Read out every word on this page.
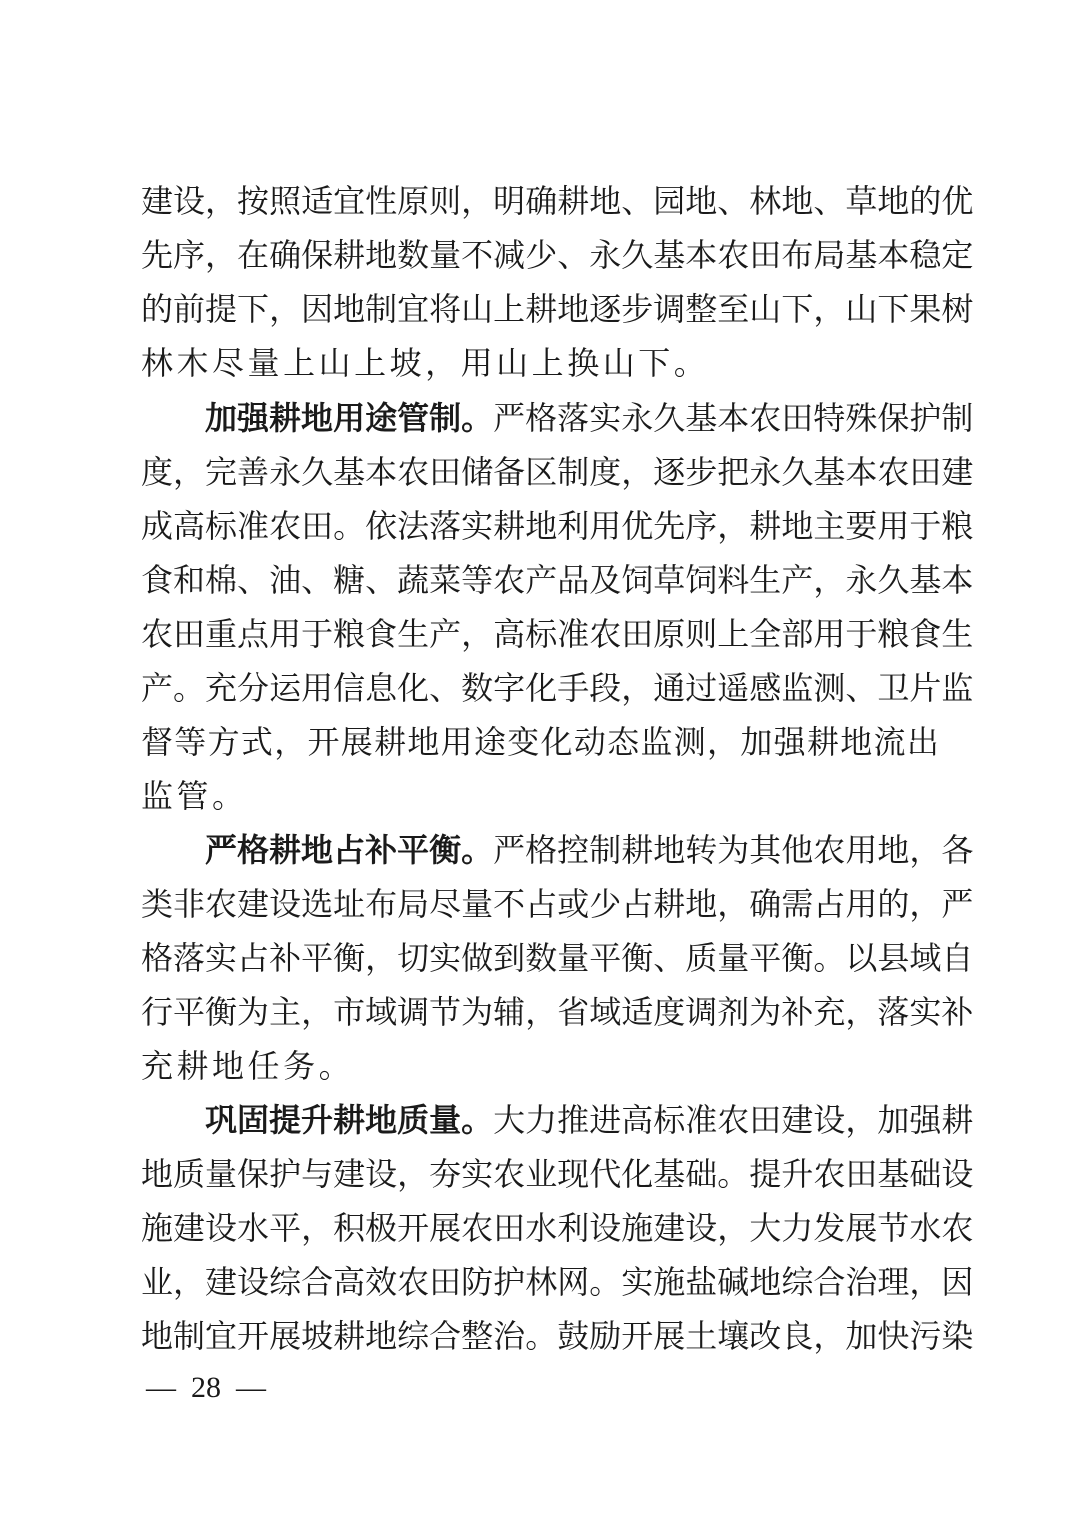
建 设 ， 按 照 适 宜 性 原 则 ， 明 确 耕 地 、 园 地 、 林 地 、 草 地 的 优
先 序 ， 在 确 保 耕 地 数 量 不 减 少 、 永 久 基 本 农 田 布 局 基 本 稳 定
的 前 提 下 ， 因 地 制 宜 将 山 上 耕 地 逐 步 调 整 至 山 下 ， 山 下 果 树
林 木 尽 量 上 山 上 坡 ， 用 山 上 换 山 下 。
加 强 耕 地 用 途 管 制 。 严 格 落 实 永 久 基 本 农 田 特 殊 保 护 制
度 ， 完 善 永 久 基 本 农 田 储 备 区 制 度 ， 逐 步 把 永 久 基 本 农 田 建
成 高 标 准 农 田 。 依 法 落 实 耕 地 利 用 优 先 序 ， 耕 地 主 要 用 于 粮
食 和 棉 、 油 、 糖 、 蔬 菜 等 农 产 品 及 饲 草 饲 料 生 产 ， 永 久 基 本
农 田 重 点 用 于 粮 食 生 产 ， 高 标 准 农 田 原 则 上 全 部 用 于 粮 食 生
产 。 充 分 运 用 信 息 化 、 数 字 化 手 段 ， 通 过 遥 感 监 测 、 卫 片 监
督 等 方 式 ， 开 展 耕 地 用 途 变 化 动 态 监 测 ， 加 强 耕 地 流 出
监 管 。
严 格 耕 地 占 补 平 衡 。 严 格 控 制 耕 地 转 为 其 他 农 用 地 ， 各
类 非 农 建 设 选 址 布 局 尽 量 不 占 或 少 占 耕 地 ， 确 需 占 用 的 ， 严
格 落 实 占 补 平 衡 ， 切 实 做 到 数 量 平 衡 、 质 量 平 衡 。 以 县 域 自
行 平 衡 为 主 ， 市 域 调 节 为 辅 ， 省 域 适 度 调 剂 为 补 充 ， 落 实 补
充 耕 地 任 务 。
巩 固 提 升 耕 地 质 量 。 大 力 推 进 高 标 准 农 田 建 设 ， 加 强 耕
地 质 量 保 护 与 建 设 ， 夯 实 农 业 现 代 化 基 础 。 提 升 农 田 基 础 设
施 建 设 水 平 ， 积 极 开 展 农 田 水 利 设 施 建 设 ， 大 力 发 展 节 水 农
业 ， 建 设 综 合 高 效 农 田 防 护 林 网 。 实 施 盐 碱 地 综 合 治 理 ， 因
地 制 宜 开 展 坡 耕 地 综 合 整 治 。 鼓 励 开 展 土 壤 改 良 ， 加 快 污 染
—  28  —
